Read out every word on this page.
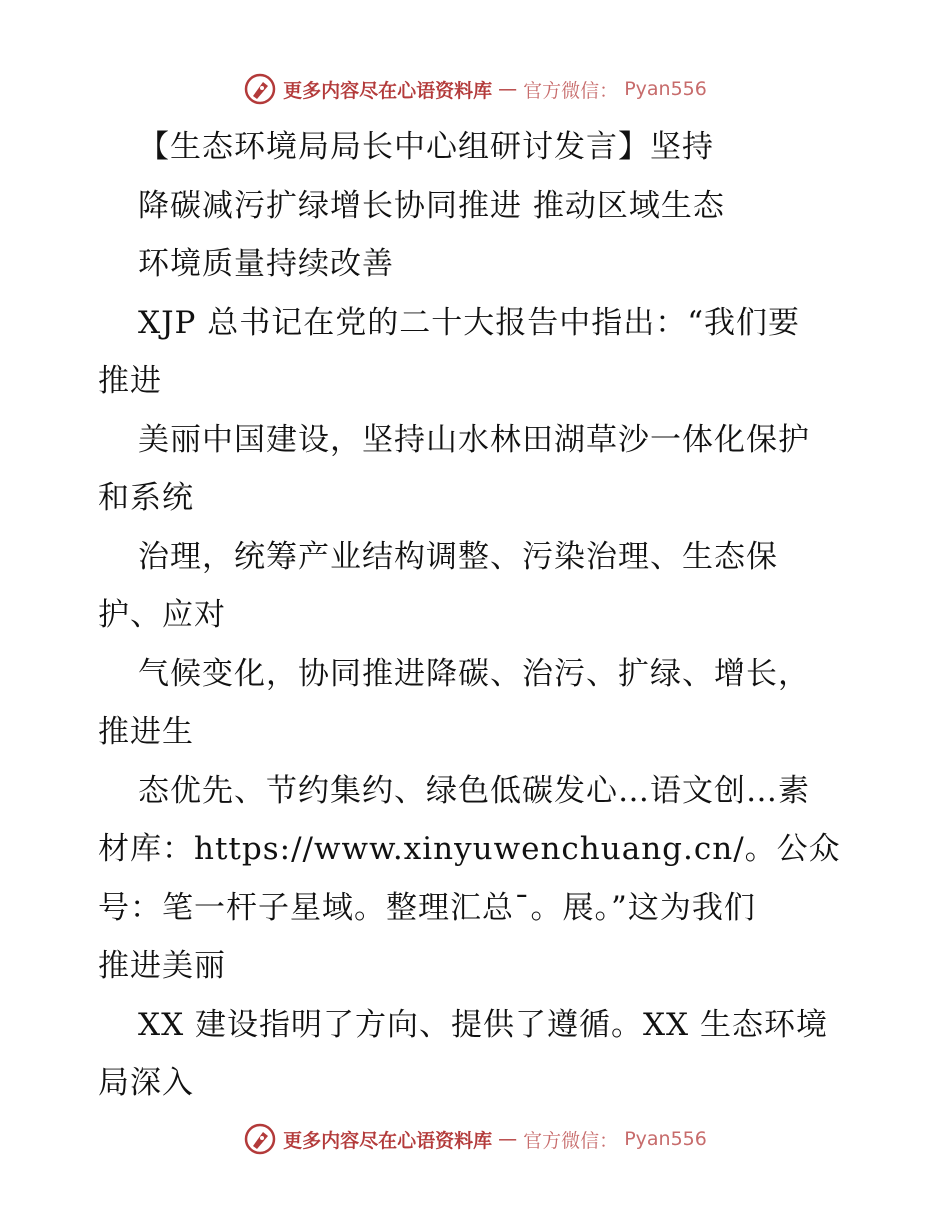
更多内容尽在心语资料库 — 官方微信： Pyan556
【生态环境局局长中心组研讨发言】坚持
降碳减污扩绿增长协同推进 推动区域生态
环境质量持续改善
XJP 总书记在党的二十大报告中指出：“我们要
推进
美丽中国建设，坚持山水林田湖草沙一体化保护
和系统
治理，统筹产业结构调整、污染治理、生态保
护、应对
气候变化，协同推进降碳、治污、扩绿、增长，
推进生
态优先、节约集约、绿色低碳发心…语文创…素
材库：https://www.xinyuwenchuang.cn/。公众
号：笔一杆子星域。整理汇总¯。展。”这为我们
推进美丽
XX 建设指明了方向、提供了遵循。XX 生态环境
局深入
更多内容尽在心语资料库 — 官方微信： Pyan556
